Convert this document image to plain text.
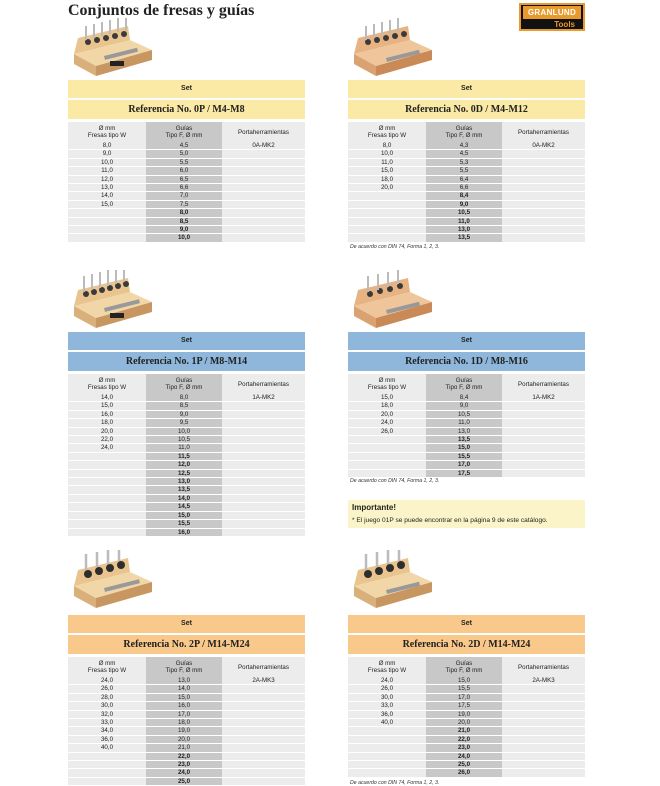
Conjuntos de fresas y guías	GRANLUND
Tools
Set
Referencia No. 0P / M4-M8
Ø mm
Fresas tipo W	Guías
Tipo F, Ø mm	Portaherramientas
8,0	4,5	0A-MK2
9,0	5,0	
10,0	5,5	
11,0	6,0	
12,0	6,5	
13,0	6,6	
14,0	7,0	
15,0	7,5	
	8,0	
	8,5	
	9,0	
	10,0	
Set
Referencia No. 0D / M4-M12
Ø mm
Fresas tipo W	Guías
Tipo F, Ø mm	Portaherramientas
8,0	4,3	0A-MK2
10,0	4,5	
11,0	5,3	
15,0	5,5	
18,0	6,4	
20,0	6,6	
	8,4	
	9,0	
	10,5	
	11,0	
	13,0	
	13,5	
Set
Referencia No. 1P / M8-M14
Ø mm
Fresas tipo W	Guías
Tipo F, Ø mm	Portaherramientas
14,0	8,0	1A-MK2
15,0	8,5	
16,0	9,0	
18,0	9,5	
20,0	10,0	
22,0	10,5	
24,0	11,0	
	11,5	
	12,0	
	12,5	
	13,0	
	13,5	
	14,0	
	14,5	
	15,0	
	15,5	
	16,0	
Set
Referencia No. 1D / M8-M16
Ø mm
Fresas tipo W	Guías
Tipo F, Ø mm	Portaherramientas
15,0	8,4	1A-MK2
18,0	9,0	
20,0	10,5	
24,0	11,0	
26,0	13,0	
	13,5	
	15,0	
	15,5	
	17,0	
	17,5	
Set
Referencia No. 2P / M14-M24
Ø mm
Fresas tipo W	Guías
Tipo F, Ø mm	Portaherramientas
24,0	13,0	2A-MK3
26,0	14,0	
28,0	15,0	
30,0	16,0	
32,0	17,0	
33,0	18,0	
34,0	19,0	
36,0	20,0	
40,0	21,0	
	22,0	
	23,0	
	24,0	
	25,0	
Set
Referencia No. 2D / M14-M24
Ø mm
Fresas tipo W	Guías
Tipo F, Ø mm	Portaherramientas
24,0	15,0	2A-MK3
26,0	15,5	
30,0	17,0	
33,0	17,5	
36,0	19,0	
40,0	20,0	
	21,0	
	22,0	
	23,0	
	24,0	
	25,0	
	26,0	
De acuerdo con DIN 74, Forma 1, 2, 3.
De acuerdo con DIN 74, Forma 1, 2, 3.
De acuerdo con DIN 74, Forma 1, 2, 3.
Importante!
* El juego 01P se puede encontrar en la página 9 de este catálogo.
